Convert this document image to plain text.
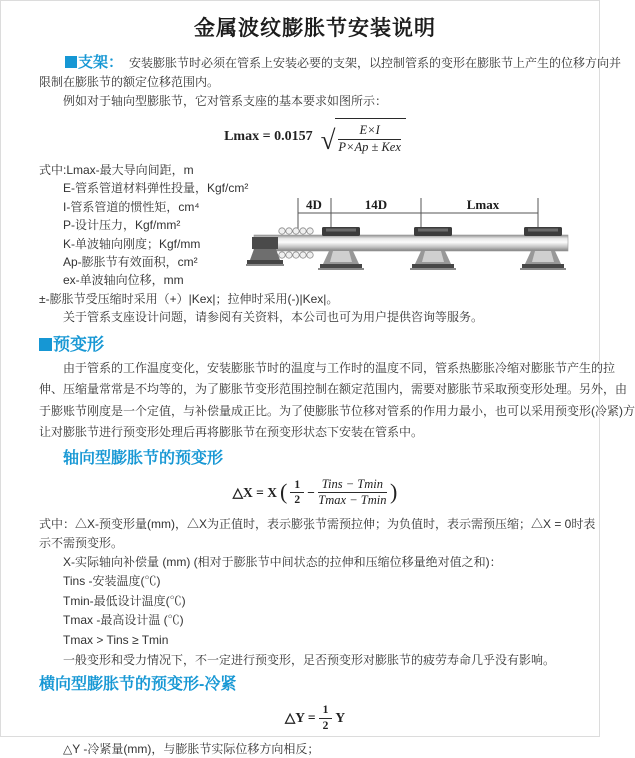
金属波纹膨胀节安装说明
支架： 安装膨胀节时必须在管系上安装必要的支架，以控制管系的变形在膨胀节上产生的位移方向并
限制在膨胀节的额定位移范围内。
例如对于轴向型膨胀节，它对管系支座的基本要求如图所示：
Lmax = 0.0157 √	E×I
P×Ap ± Kex
式中:Lmax-最大导向间距，m
E-管系管道材料弹性投量，Kgf/cm²
I-管系管道的惯性矩，cm⁴
P-设计压力，Kgf/mm²
K-单波轴向刚度；Kgf/mm
Ap-膨胀节有效面积，cm²
ex-单波轴向位移，mm
±-膨胀节受压缩时采用（+）|Kex|；拉伸时采用(-)|Kex|。
关于管系支座设计问题，请参阅有关资料，本公司也可为用户提供咨询等服务。
预变形
由于管系的工作温度变化，安装膨胀节时的温度与工作时的温度不同，管系热膨胀冷缩对膨胀节产生的拉
伸、压缩量常常是不均等的，为了膨胀节变形范围控制在额定范围内，需要对膨胀节采取预变形处理。另外，由
于膨账节刚度是一个定值，与补偿量成正比。为了使膨胀节位移对管系的作用力最小，也可以采用预变形(冷紧)方
让对膨胀节进行预变形处理后再将膨胀节在预变形状态下安装在管系中。
轴向型膨胀节的预变形
△X = X ( $\frac{1}{2}$ −
Tins − Tmin
Tmax − Tmin )
式中：△X-预变形量(mm)，△X为正值时，表示膨张节需预拉伸；为负值时，表示需预压缩；△X = 0时表
示不需预变形。
X-实际轴向补偿量 (mm) (相对于膨胀节中间状态的拉伸和压缩位移量绝对值之和)：
Tins -安装温度(℃)
Tmin-最低设计温度(℃)
Tmax -最高设计温 (℃)
Tmax > Tins ≥ Tmin
一般变形和受力情况下，不一定进行预变形，足否预变形对膨胀节的疲劳寿命几乎没有影响。
横向型膨胀节的预变形-冷紧
△Y = $\frac{1}{2}$ Y
△Y -冷紧量(mm)，与膨胀节实际位移方向相反；
4D	14D	Lmax
